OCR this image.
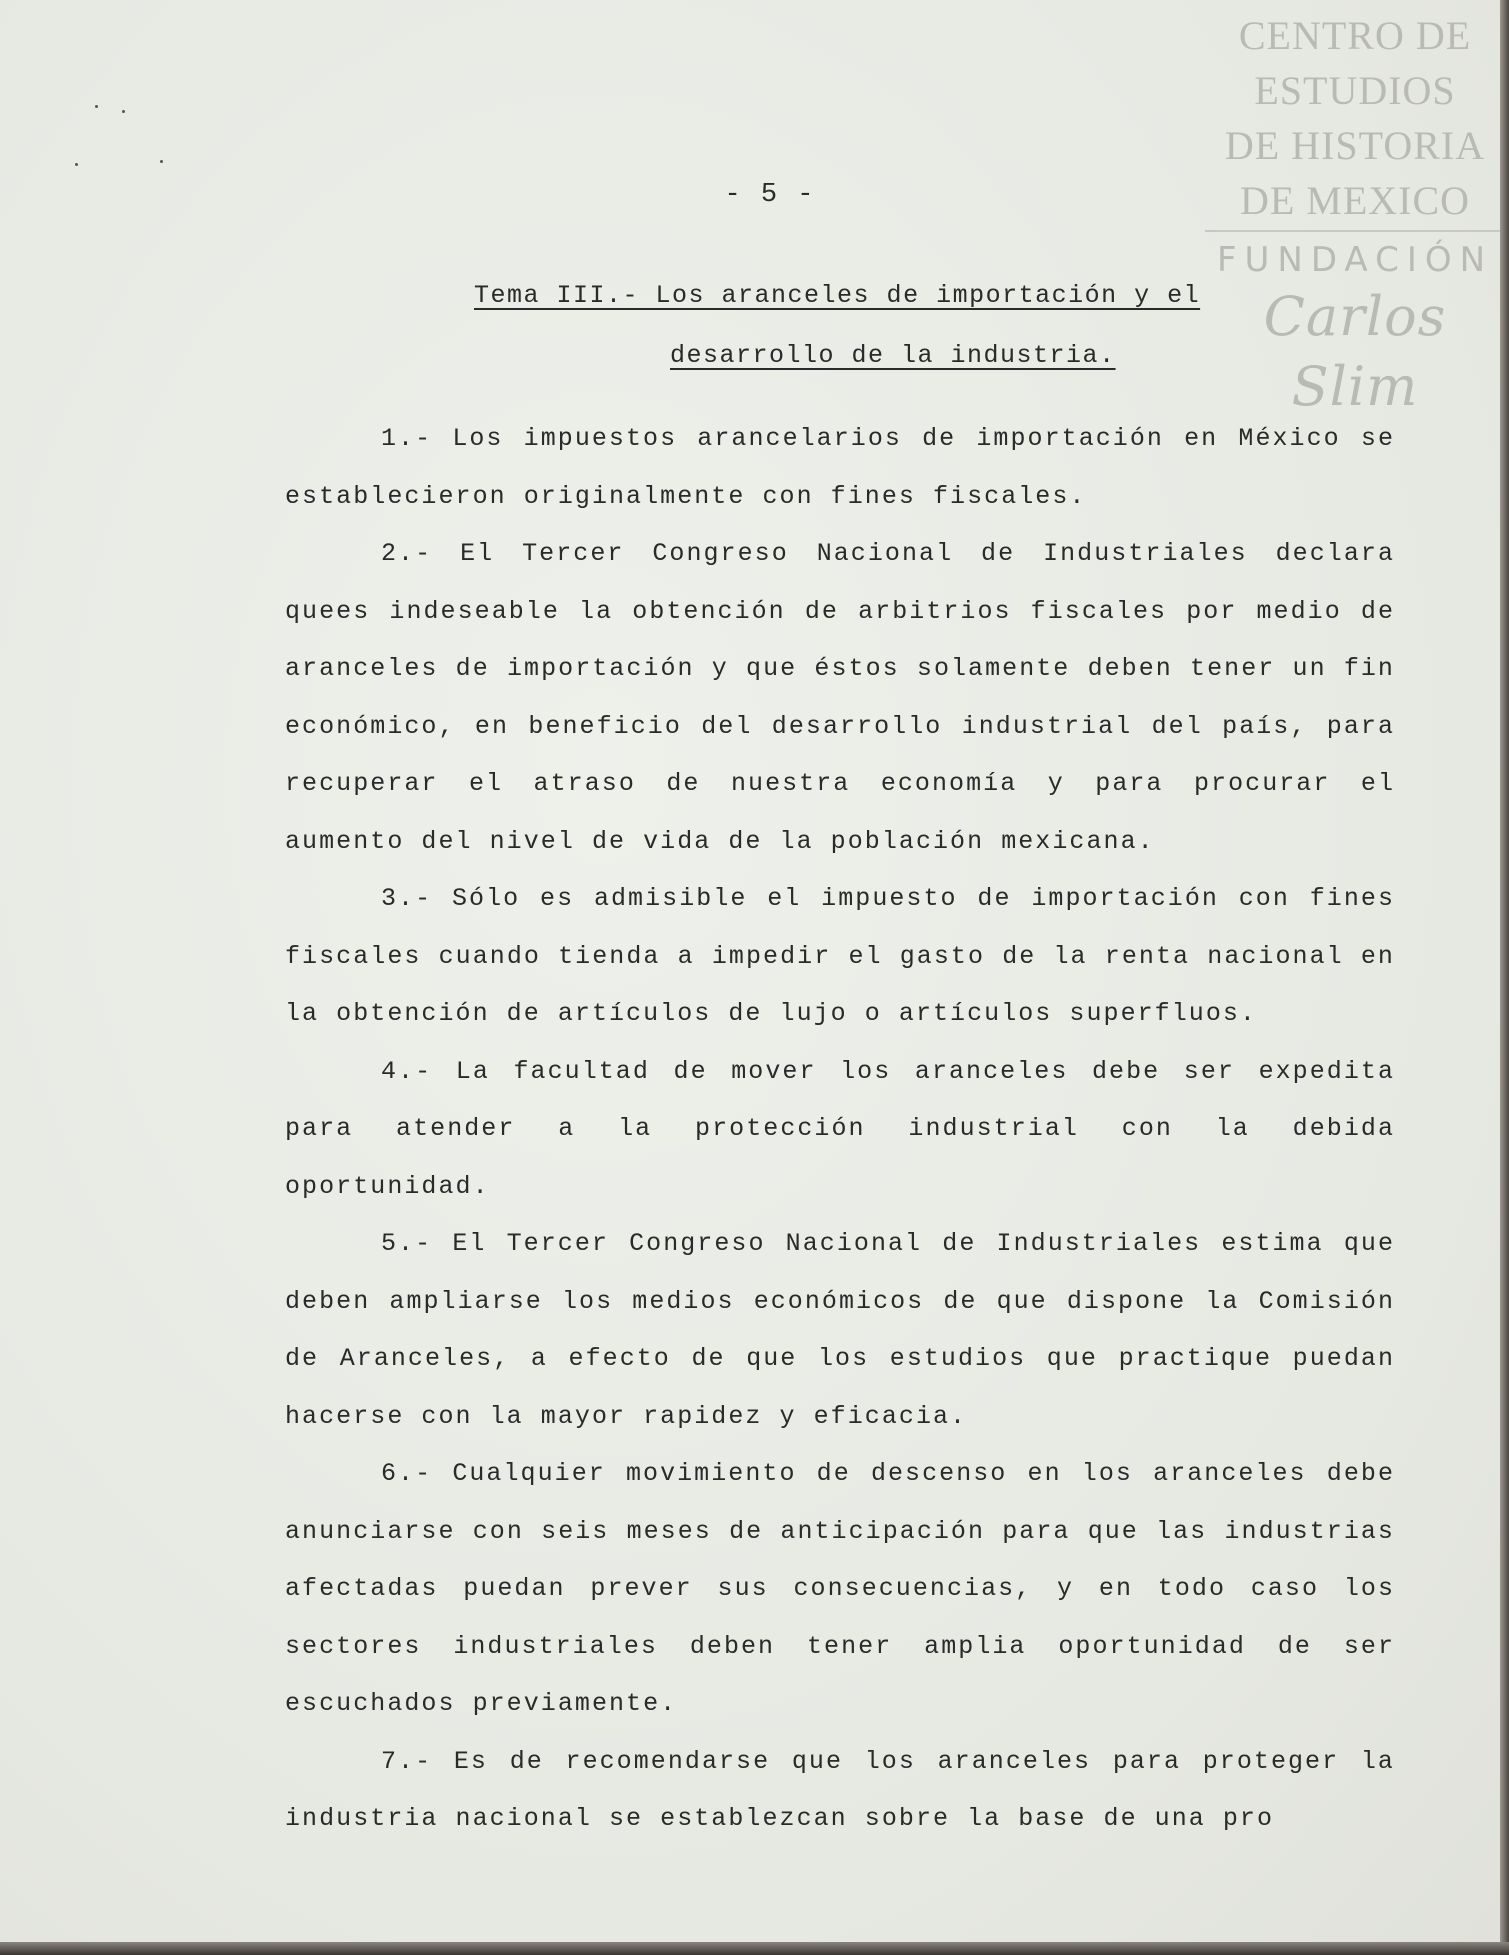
CENTRO DE
ESTUDIOS
DE HISTORIA
DE MEXICO
FUNDACIÓN
Carlos Slim
- 5 -
Tema III.- Los aranceles de importación y el
desarrollo de la industria.

1.- Los impuestos arancelarios de importación en México se establecieron originalmente con fines fiscales.

2.- El Tercer Congreso Nacional de Industriales declara quees indeseable la obtención de arbitrios fiscales por medio de aranceles de importación y que éstos solamente deben tener un fin económico, en beneficio del desarrollo industrial del país, para recuperar el atraso de nuestra economía y para procurar el aumento del nivel de vida de la población mexicana.

3.- Sólo es admisible el impuesto de importación con fines fiscales cuando tienda a impedir el gasto de la renta nacional en la obtención de artículos de lujo o artículos superfluos.

4.- La facultad de mover los aranceles debe ser expedita para atender a la protección industrial con la debida oportunidad.

5.- El Tercer Congreso Nacional de Industriales estima que deben ampliarse los medios económicos de que dispone la Comisión de Aranceles, a efecto de que los estudios que practique puedan hacerse con la mayor rapidez y eficacia.

6.- Cualquier movimiento de descenso en los aranceles debe anunciarse con seis meses de anticipación para que las industrias afectadas puedan prever sus consecuencias, y en todo caso los sectores industriales deben tener amplia oportunidad de ser escuchados previamente.

7.- Es de recomendarse que los aranceles para proteger la industria nacional se establezcan sobre la base de una pro
